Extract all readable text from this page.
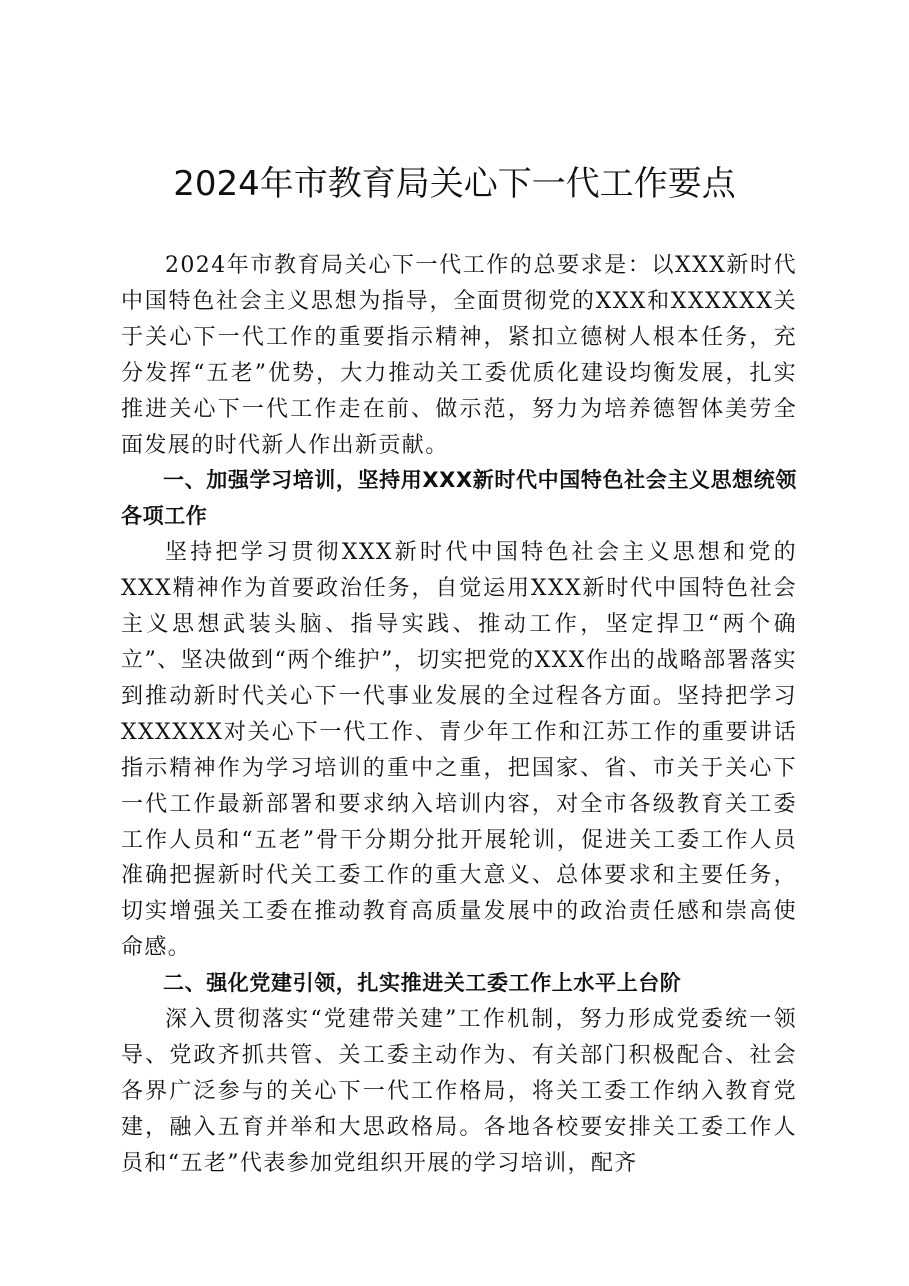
2024年市教育局关心下一代工作要点

2024年市教育局关心下一代工作的总要求是：以XXX新时代中国特色社会主义思想为指导，全面贯彻党的XXX和XXXXXX关于关心下一代工作的重要指示精神，紧扣立德树人根本任务，充分发挥“五老”优势，大力推动关工委优质化建设均衡发展，扎实推进关心下一代工作走在前、做示范，努力为培养德智体美劳全面发展的时代新人作出新贡献。

一、加强学习培训，坚持用XXX新时代中国特色社会主义思想统领各项工作

坚持把学习贯彻XXX新时代中国特色社会主义思想和党的XXX精神作为首要政治任务，自觉运用XXX新时代中国特色社会主义思想武装头脑、指导实践、推动工作，坚定捍卫“两个确立”、坚决做到“两个维护”，切实把党的XXX作出的战略部署落实到推动新时代关心下一代事业发展的全过程各方面。坚持把学习XXXXXX对关心下一代工作、青少年工作和江苏工作的重要讲话指示精神作为学习培训的重中之重，把国家、省、市关于关心下一代工作最新部署和要求纳入培训内容，对全市各级教育关工委工作人员和“五老”骨干分期分批开展轮训，促进关工委工作人员准确把握新时代关工委工作的重大意义、总体要求和主要任务，切实增强关工委在推动教育高质量发展中的政治责任感和崇高使命感。

二、强化党建引领，扎实推进关工委工作上水平上台阶

深入贯彻落实“党建带关建”工作机制，努力形成党委统一领导、党政齐抓共管、关工委主动作为、有关部门积极配合、社会各界广泛参与的关心下一代工作格局，将关工委工作纳入教育党建，融入五育并举和大思政格局。各地各校要安排关工委工作人员和“五老”代表参加党组织开展的学习培训，配齐
